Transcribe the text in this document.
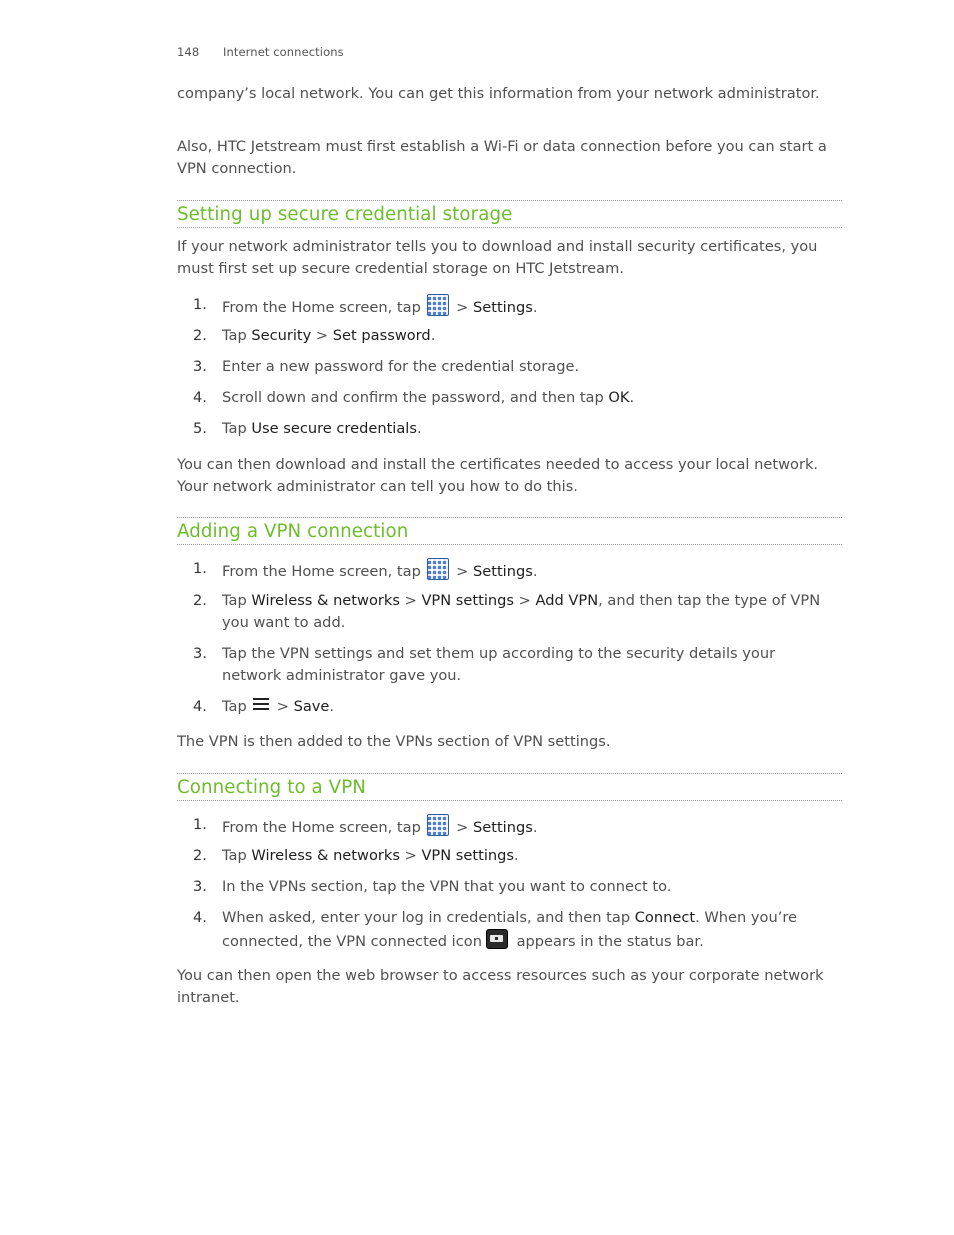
148 Internet connections

company’s local network. You can get this information from your network administrator.

Also, HTC Jetstream must first establish a Wi-Fi or data connection before you can start a VPN connection.

Setting up secure credential storage

If your network administrator tells you to download and install security certificates, you must first set up secure credential storage on HTC Jetstream.

1.	From the Home screen, tap  > Settings.
2.	Tap Security > Set password.
3.	Enter a new password for the credential storage.
4.	Scroll down and confirm the password, and then tap OK.
5.	Tap Use secure credentials.

You can then download and install the certificates needed to access your local network. Your network administrator can tell you how to do this.

Adding a VPN connection
1.	From the Home screen, tap  > Settings.
2.	Tap Wireless & networks > VPN settings > Add VPN, and then tap the type of VPN you want to add.
3.	Tap the VPN settings and set them up according to the security details your network administrator gave you.
4.	Tap > Save.

The VPN is then added to the VPNs section of VPN settings.

Connecting to a VPN
1.	From the Home screen, tap  > Settings.
2.	Tap Wireless & networks > VPN settings.
3.	In the VPNs section, tap the VPN that you want to connect to.
4.	When asked, enter your log in credentials, and then tap Connect. When you’re connected, the VPN connected icon
appears in the status bar.

You can then open the web browser to access resources such as your corporate network intranet.
